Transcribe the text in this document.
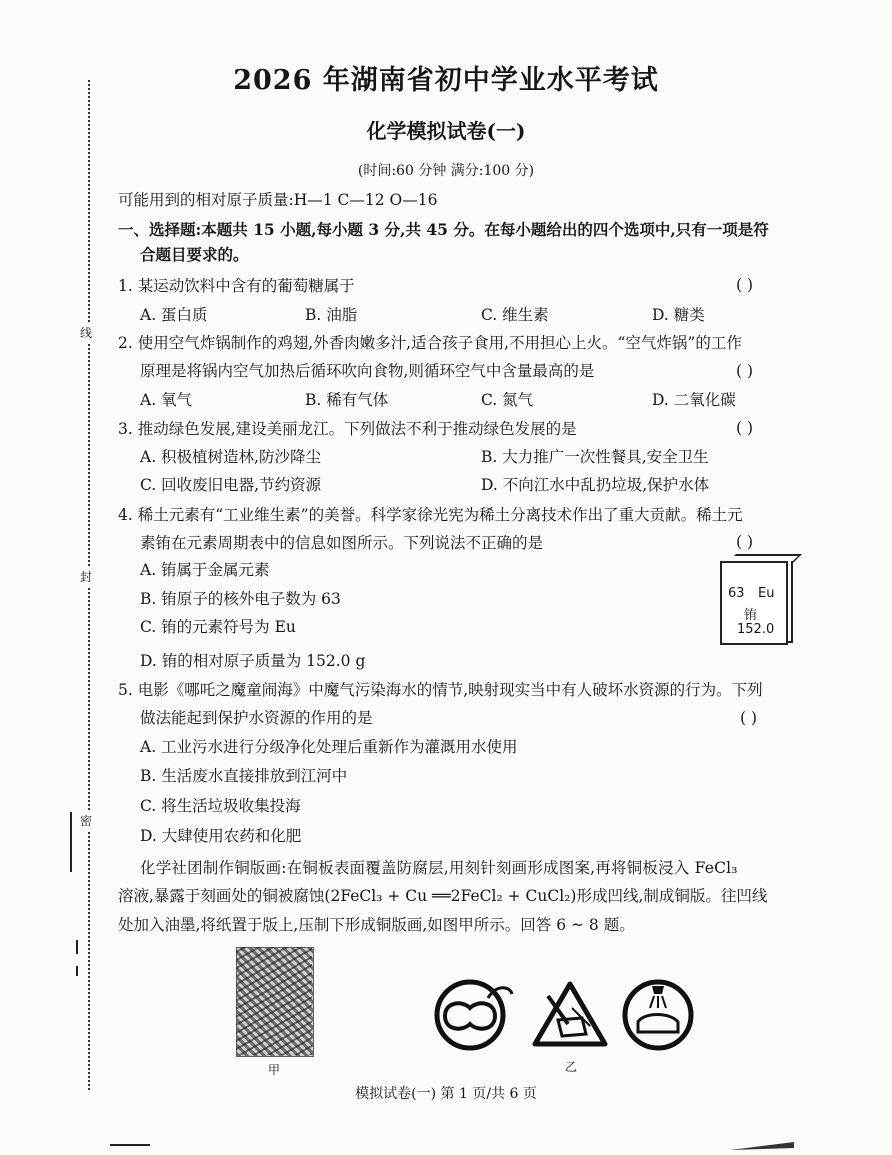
线
封
密
2026 年湖南省初中学业水平考试
化学模拟试卷(一)
(时间:60 分钟 满分:100 分)
可能用到的相对原子质量:H—1 C—12 O—16
一、选择题:本题共 15 小题,每小题 3 分,共 45 分。在每小题给出的四个选项中,只有一项是符
合题目要求的。
1. 某运动饮料中含有的葡萄糖属于	( )
A. 蛋白质	B. 油脂	C. 维生素	D. 糖类
2. 使用空气炸锅制作的鸡翅,外香肉嫩多汁,适合孩子食用,不用担心上火。“空气炸锅”的工作
原理是将锅内空气加热后循环吹向食物,则循环空气中含量最高的是	( )
A. 氧气	B. 稀有气体	C. 氮气	D. 二氧化碳
3. 推动绿色发展,建设美丽龙江。下列做法不利于推动绿色发展的是	( )
A. 积极植树造林,防沙降尘	B. 大力推广一次性餐具,安全卫生
C. 回收废旧电器,节约资源	D. 不向江水中乱扔垃圾,保护水体
4. 稀土元素有“工业维生素”的美誉。科学家徐光宪为稀土分离技术作出了重大贡献。稀土元
素铕在元素周期表中的信息如图所示。下列说法不正确的是	( )
A. 铕属于金属元素
B. 铕原子的核外电子数为 63
C. 铕的元素符号为 Eu
D. 铕的相对原子质量为 152.0 g
63 Eu
铕
152.0
5. 电影《哪吒之魔童闹海》中魔气污染海水的情节,映射现实当中有人破坏水资源的行为。下列
做法能起到保护水资源的作用的是	( )
A. 工业污水进行分级净化处理后重新作为灌溉用水使用
B. 生活废水直接排放到江河中
C. 将生活垃圾收集投海
D. 大肆使用农药和化肥
化学社团制作铜版画:在铜板表面覆盖防腐层,用刻针刻画形成图案,再将铜板浸入 FeCl₃
溶液,暴露于刻画处的铜被腐蚀(2FeCl₃ + Cu ══2FeCl₂ + CuCl₂)形成凹线,制成铜版。往凹线
处加入油墨,将纸置于版上,压制下形成铜版画,如图甲所示。回答 6 ~ 8 题。
甲	乙
模拟试卷(一) 第 1 页/共 6 页
